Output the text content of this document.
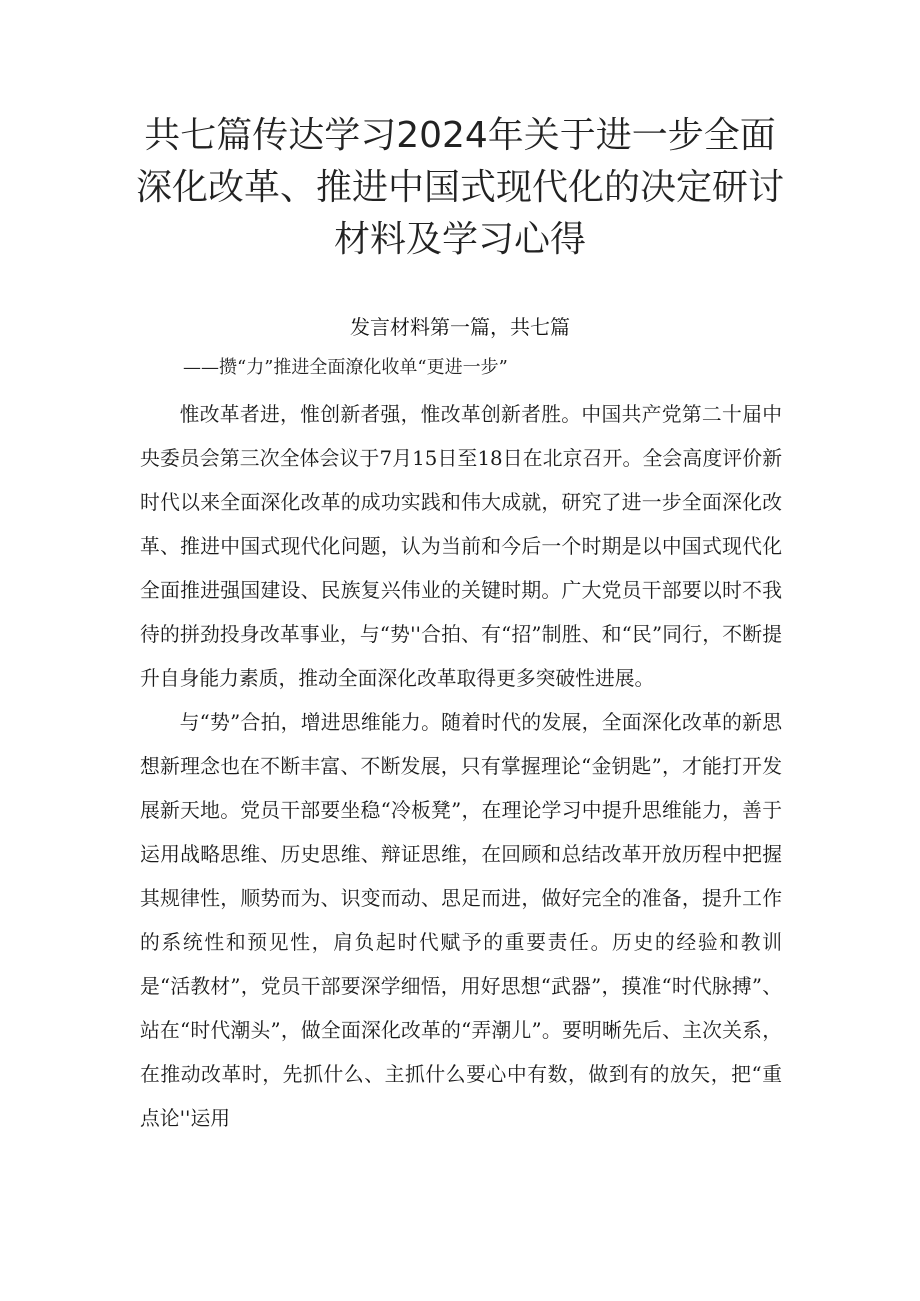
共七篇传达学习2024年关于进一步全面深化改革、推进中国式现代化的决定研讨材料及学习心得
发言材料第一篇，共七篇

——攒“力”推进全面潦化收单“更进一步”

惟改革者进，惟创新者强，惟改革创新者胜。中国共产党第二十届中央委员会第三次全体会议于7月15日至18日在北京召开。全会高度评价新时代以来全面深化改革的成功实践和伟大成就，研究了进一步全面深化改革、推进中国式现代化问题，认为当前和今后一个时期是以中国式现代化全面推进强国建设、民族复兴伟业的关键时期。广大党员干部要以时不我待的拼劲投身改革事业，与“势''合拍、有“招”制胜、和“民”同行，不断提升自身能力素质，推动全面深化改革取得更多突破性进展。

与“势”合拍，增进思维能力。随着时代的发展，全面深化改革的新思想新理念也在不断丰富、不断发展，只有掌握理论“金钥匙”，才能打开发展新天地。党员干部要坐稳“冷板凳”，在理论学习中提升思维能力，善于运用战略思维、历史思维、辩证思维，在回顾和总结改革开放历程中把握其规律性，顺势而为、识变而动、思足而进，做好完全的准备，提升工作的系统性和预见性，肩负起时代赋予的重要责任。历史的经验和教训是“活教材”，党员干部要深学细悟，用好思想“武器”，摸准“时代脉搏”、站在“时代潮头”，做全面深化改革的“弄潮儿”。要明晰先后、主次关系，在推动改革时，先抓什么、主抓什么要心中有数，做到有的放矢，把“重点论''运用
